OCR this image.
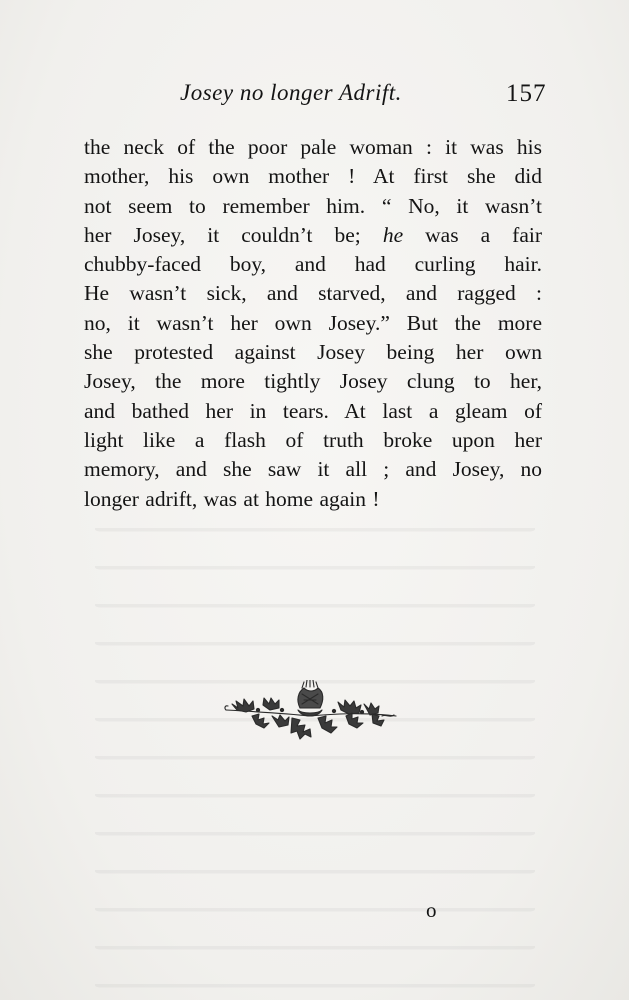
Josey no longer Adrift.	157
the neck of the poor pale woman : it was his
mother, his own mother ! At first she did
not seem to remember him. “ No, it wasn’t
her Josey, it couldn’t be; he was a fair
chubby-faced boy, and had curling hair.
He wasn’t sick, and starved, and ragged :
no, it wasn’t her own Josey.” But the more
she protested against Josey being her own
Josey, the more tightly Josey clung to her,
and bathed her in tears. At last a gleam of
light like a flash of truth broke upon her
memory, and she saw it all ; and Josey, no
longer adrift, was at home again !
o
